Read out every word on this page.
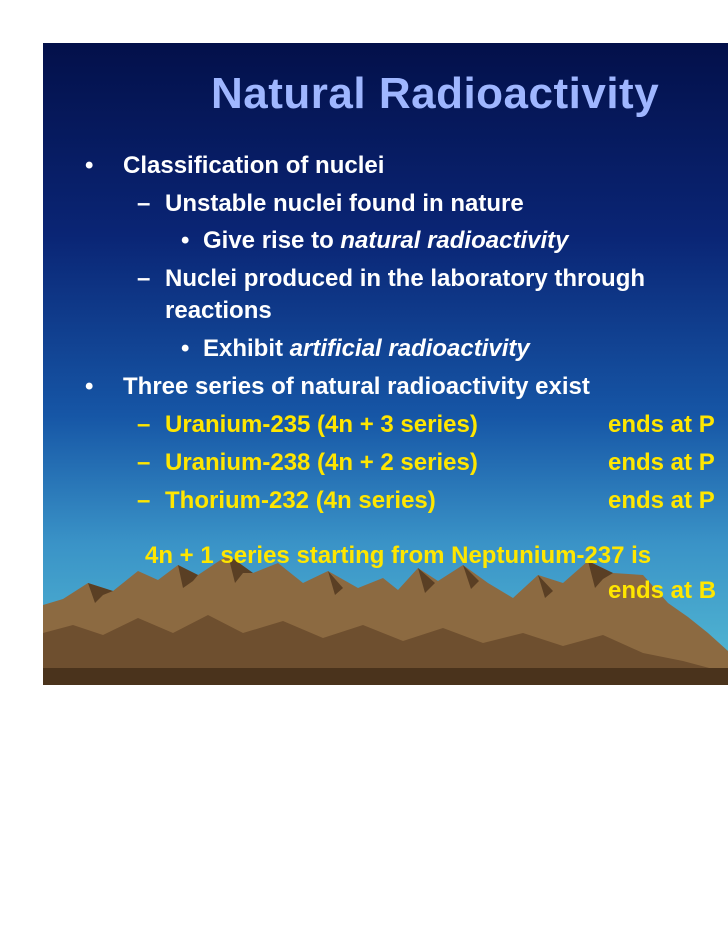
Natural Radioactivity
• Classification of nuclei
– Unstable nuclei found in nature
• Give rise to natural radioactivity
– Nuclei produced in the laboratory through
reactions
• Exhibit artificial radioactivity
• Three series of natural radioactivity exist
– Uranium-235 (4n + 3 series)	ends at P
– Uranium-238 (4n + 2 series)	ends at P
– Thorium-232 (4n series)	ends at P
4n + 1 series starting from Neptunium-237 is
ends at B
